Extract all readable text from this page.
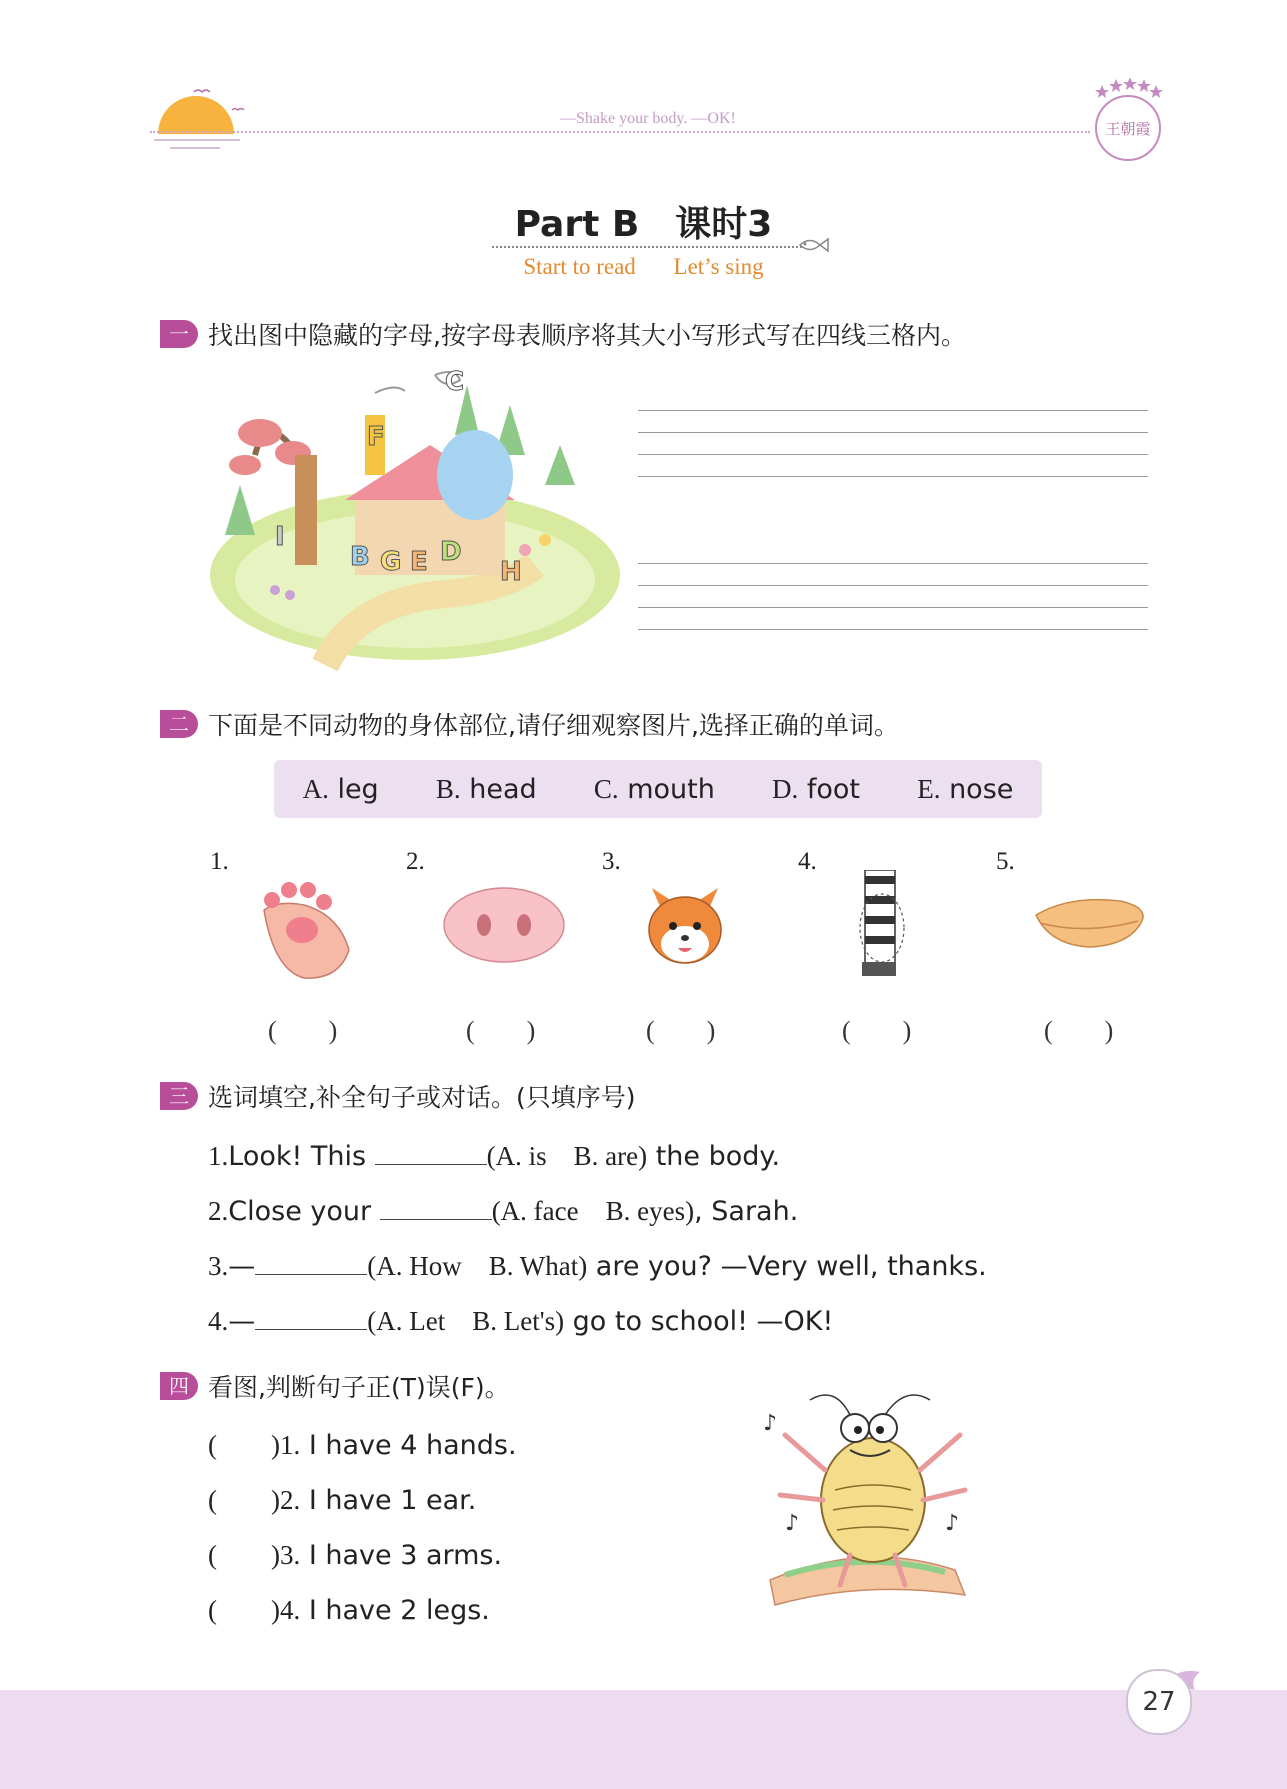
—Shake your body. —OK!
王朝霞
Part B　课时3
Start to read Let’s sing
一 找出图中隐藏的字母,按字母表顺序将其大小写形式写在四线三格内。
B G E D
H
F
I
C
二 下面是不同动物的身体部位,请仔细观察图片,选择正确的单词。
A. leg B. head C. mouth D. foot E. nose
1.	2.	3.	4.	5.
(　　)	(　　)	(　　)	(　　)	(　　)
三 选词填空,补全句子或对话。(只填序号)
1.Look! This	(A. is　B. are) the body.
2.Close your	(A. face　B. eyes), Sarah.
3.—	(A. How　B. What) are you? —Very well, thanks.
4.—	(A. Let　B. Let's) go to school! —OK!
四 看图,判断句子正(T)误(F)。
(　　)1. I have 4 hands.
(　　)2. I have 1 ear.
(　　)3. I have 3 arms.
(　　)4. I have 2 legs.
♪
♪	♪
27
